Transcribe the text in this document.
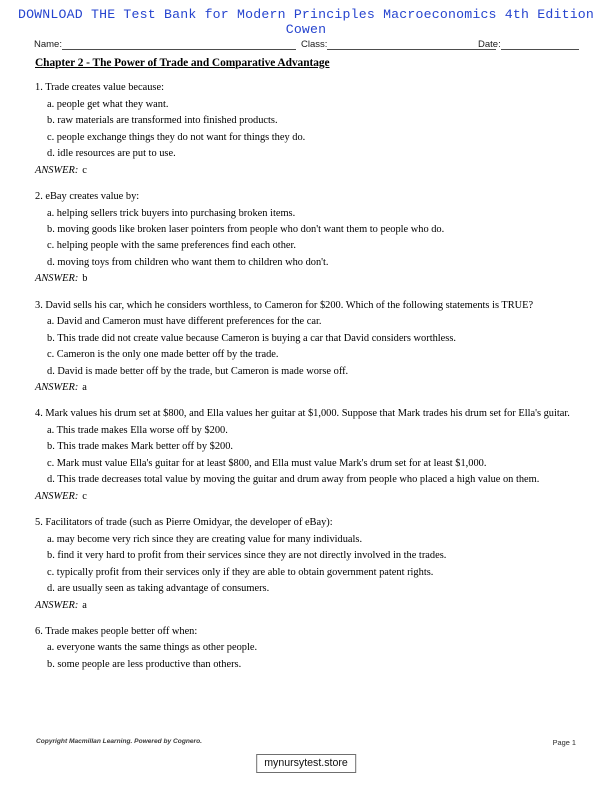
DOWNLOAD THE Test Bank for Modern Principles Macroeconomics 4th Edition Cowen
Name:	Class:	Date:
Chapter 2 - The Power of Trade and Comparative Advantage
1. Trade creates value because:
a. people get what they want.
b. raw materials are transformed into finished products.
c. people exchange things they do not want for things they do.
d. idle resources are put to use.
ANSWER: c
2. eBay creates value by:
a. helping sellers trick buyers into purchasing broken items.
b. moving goods like broken laser pointers from people who don't want them to people who do.
c. helping people with the same preferences find each other.
d. moving toys from children who want them to children who don't.
ANSWER: b
3. David sells his car, which he considers worthless, to Cameron for $200. Which of the following statements is TRUE?
a. David and Cameron must have different preferences for the car.
b. This trade did not create value because Cameron is buying a car that David considers worthless.
c. Cameron is the only one made better off by the trade.
d. David is made better off by the trade, but Cameron is made worse off.
ANSWER: a
4. Mark values his drum set at $800, and Ella values her guitar at $1,000. Suppose that Mark trades his drum set for Ella's guitar.
a. This trade makes Ella worse off by $200.
b. This trade makes Mark better off by $200.
c. Mark must value Ella's guitar for at least $800, and Ella must value Mark's drum set for at least $1,000.
d. This trade decreases total value by moving the guitar and drum away from people who placed a high value on them.
ANSWER: c
5. Facilitators of trade (such as Pierre Omidyar, the developer of eBay):
a. may become very rich since they are creating value for many individuals.
b. find it very hard to profit from their services since they are not directly involved in the trades.
c. typically profit from their services only if they are able to obtain government patent rights.
d. are usually seen as taking advantage of consumers.
ANSWER: a
6. Trade makes people better off when:
a. everyone wants the same things as other people.
b. some people are less productive than others.
Copyright Macmillan Learning. Powered by Cognero.	Page 1
mynursytest.store
